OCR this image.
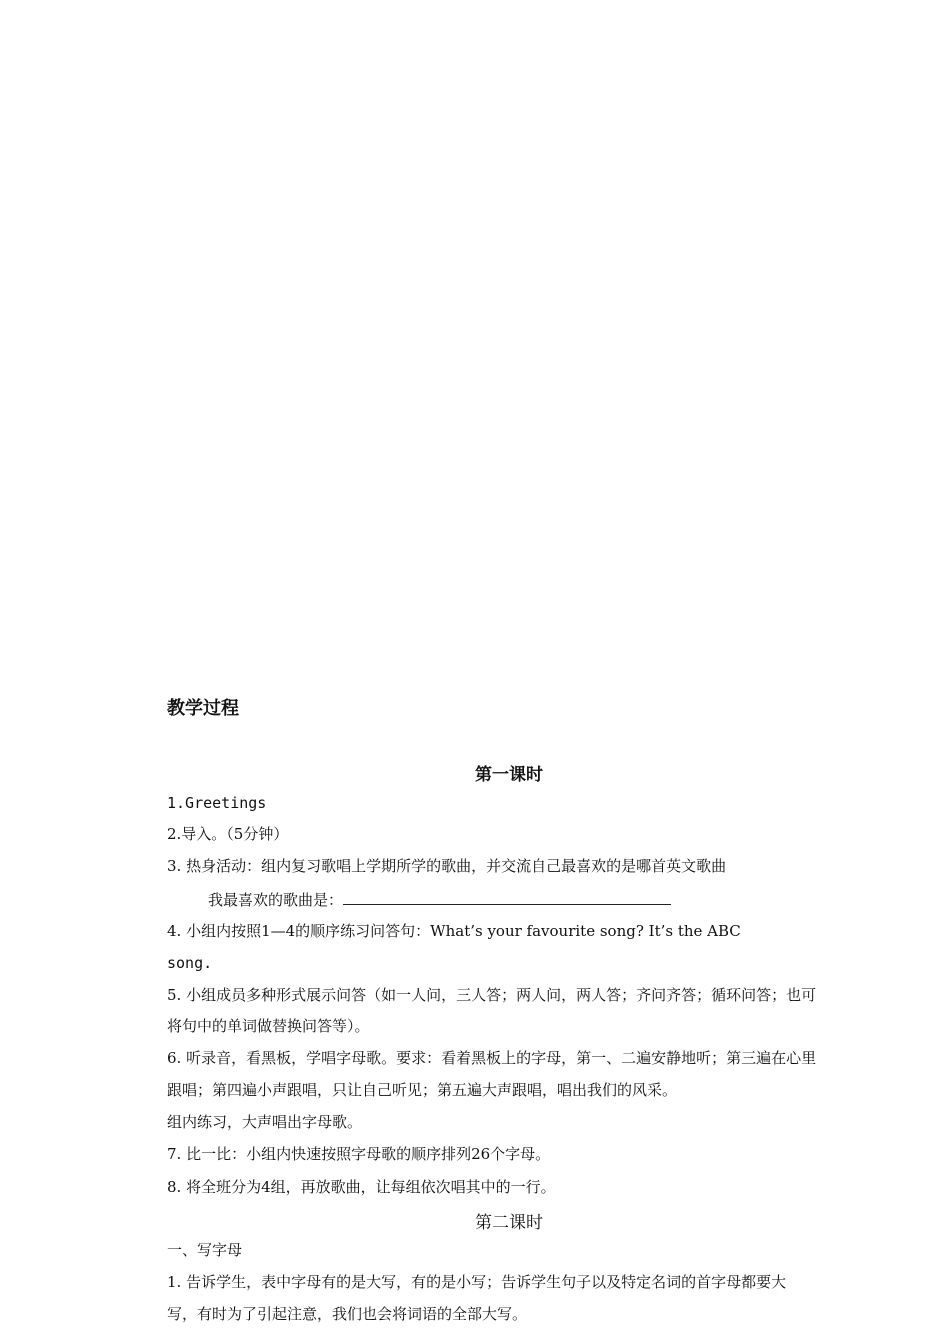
教学过程
第一课时
1.Greetings
2.导入。（5分钟）
3. 热身活动：组内复习歌唱上学期所学的歌曲，并交流自己最喜欢的是哪首英文歌曲
我最喜欢的歌曲是：
4. 小组内按照1—4的顺序练习问答句：What’s your favourite song? It’s the ABC
song.
5. 小组成员多种形式展示问答（如一人问，三人答；两人问，两人答；齐问齐答；循环问答；也可
将句中的单词做替换问答等）。
6. 听录音，看黑板，学唱字母歌。要求：看着黑板上的字母，第一、二遍安静地听；第三遍在心里
跟唱；第四遍小声跟唱，只让自己听见；第五遍大声跟唱，唱出我们的风采。
组内练习，大声唱出字母歌。
7. 比一比：小组内快速按照字母歌的顺序排列26个字母。
8. 将全班分为4组，再放歌曲，让每组依次唱其中的一行。
第二课时
一、写字母
1. 告诉学生，表中字母有的是大写，有的是小写；告诉学生句子以及特定名词的首字母都要大
写，有时为了引起注意，我们也会将词语的全部大写。
